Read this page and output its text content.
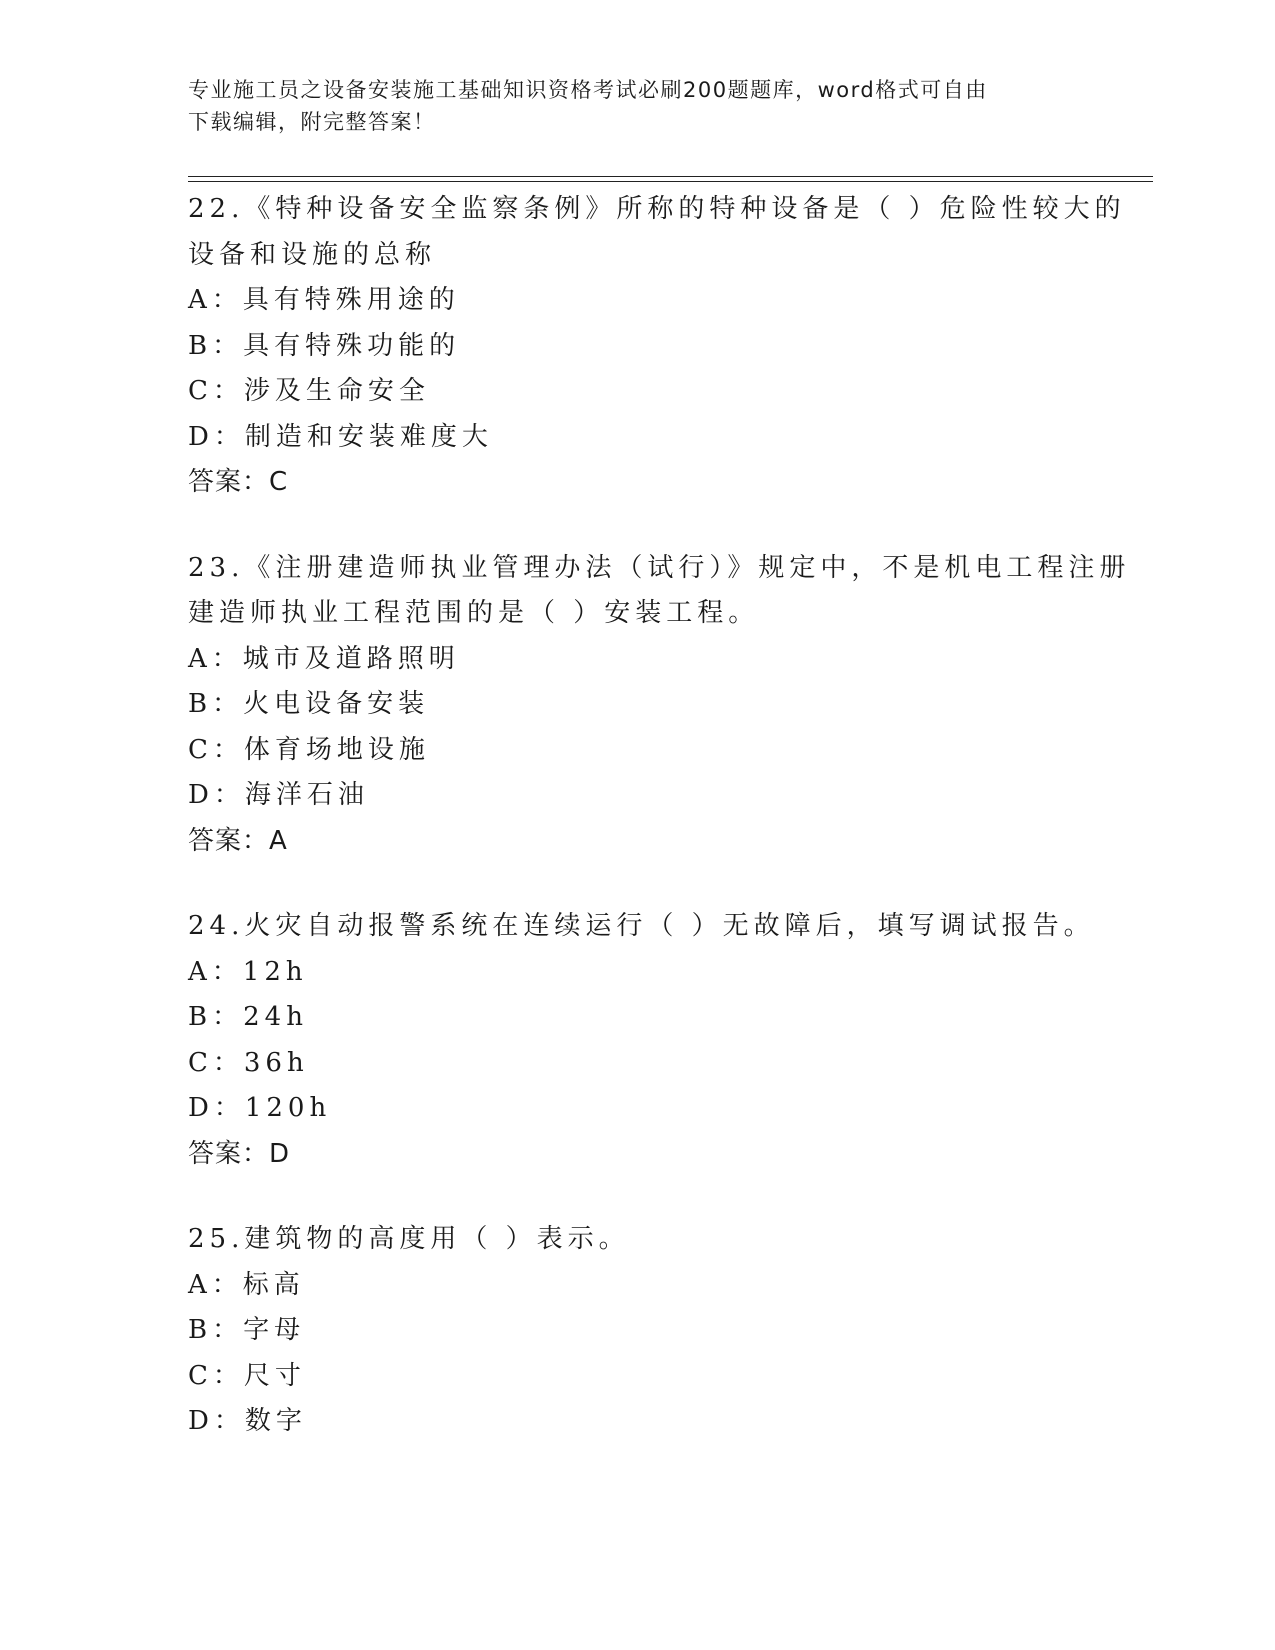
专业施工员之设备安装施工基础知识资格考试必刷200题题库，word格式可自由
下载编辑，附完整答案！
22.《特种设备安全监察条例》所称的特种设备是（ ）危险性较大的
设备和设施的总称
A：具有特殊用途的
B：具有特殊功能的
C：涉及生命安全
D：制造和安装难度大
答案：C
23.《注册建造师执业管理办法（试行）》规定中，不是机电工程注册
建造师执业工程范围的是（ ）安装工程。
A：城市及道路照明
B：火电设备安装
C：体育场地设施
D：海洋石油
答案：A
24.火灾自动报警系统在连续运行（ ）无故障后，填写调试报告。
A：12h
B：24h
C：36h
D：120h
答案：D
25.建筑物的高度用（ ）表示。
A：标高
B：字母
C：尺寸
D：数字
